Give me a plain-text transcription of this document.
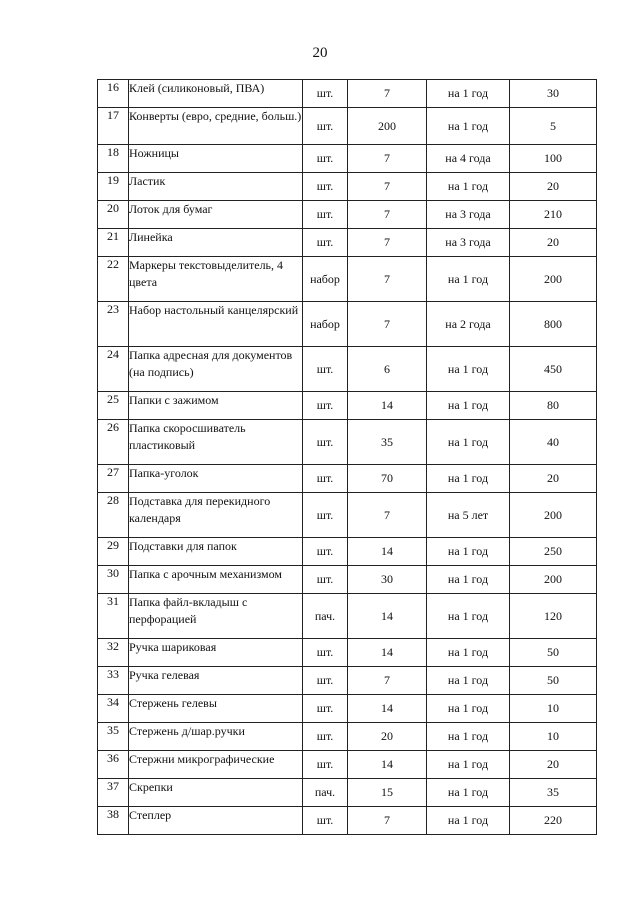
20
16	Клей (силиконовый, ПВА)	шт.	7	на 1 год	30
17	Конверты (евро, средние, больш.)	шт.	200	на 1 год	5
18	Ножницы	шт.	7	на 4 года	100
19	Ластик	шт.	7	на 1 год	20
20	Лоток для бумаг	шт.	7	на 3 года	210
21	Линейка	шт.	7	на 3 года	20
22	Маркеры текстовыделитель, 4 цвета	набор	7	на 1 год	200
23	Набор настольный канцелярский	набор	7	на 2 года	800
24	Папка адресная для документов (на подпись)	шт.	6	на 1 год	450
25	Папки с зажимом	шт.	14	на 1 год	80
26	Папка скоросшиватель пластиковый	шт.	35	на 1 год	40
27	Папка-уголок	шт.	70	на 1 год	20
28	Подставка для перекидного календаря	шт.	7	на 5 лет	200
29	Подставки для папок	шт.	14	на 1 год	250
30	Папка с арочным механизмом	шт.	30	на 1 год	200
31	Папка файл-вкладыш с перфорацией	пач.	14	на 1 год	120
32	Ручка шариковая	шт.	14	на 1 год	50
33	Ручка гелевая	шт.	7	на 1 год	50
34	Стержень гелевы	шт.	14	на 1 год	10
35	Стержень д/шар.ручки	шт.	20	на 1 год	10
36	Стержни микрографические	шт.	14	на 1 год	20
37	Скрепки	пач.	15	на 1 год	35
38	Степлер	шт.	7	на 1 год	220
